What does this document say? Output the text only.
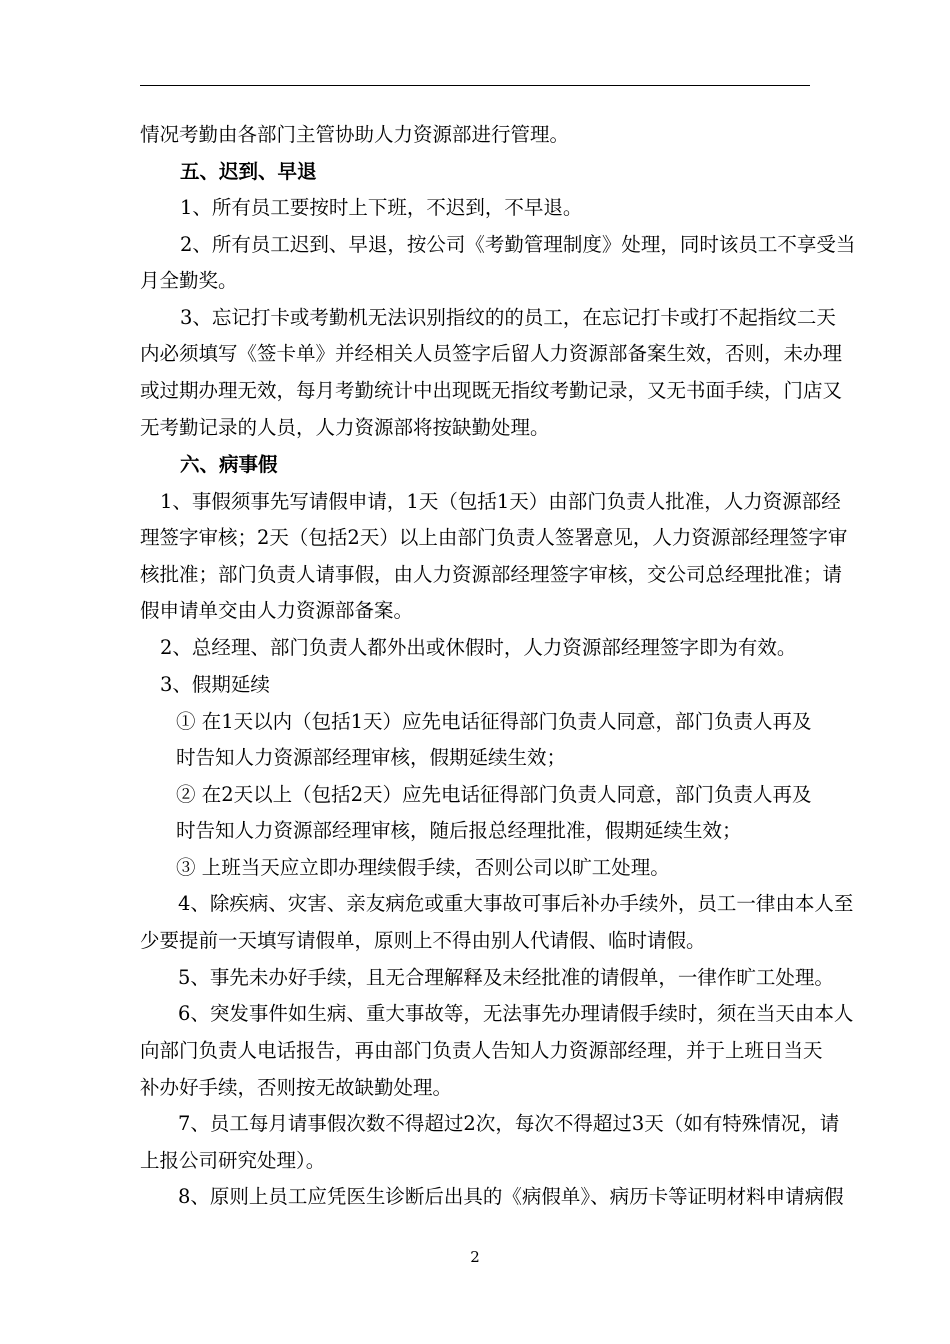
情况考勤由各部门主管协助人力资源部进行管理。
五、迟到、早退
1、所有员工要按时上下班，不迟到，不早退。
2、所有员工迟到、早退，按公司《考勤管理制度》处理，同时该员工不享受当
月全勤奖。
3、忘记打卡或考勤机无法识别指纹的的员工，在忘记打卡或打不起指纹二天
内必须填写《签卡单》并经相关人员签字后留人力资源部备案生效，否则，未办理
或过期办理无效，每月考勤统计中出现既无指纹考勤记录，又无书面手续，门店又
无考勤记录的人员，人力资源部将按缺勤处理。
六、病事假
1、事假须事先写请假申请，1天（包括1天）由部门负责人批准，人力资源部经
理签字审核；2天（包括2天）以上由部门负责人签署意见，人力资源部经理签字审
核批准；部门负责人请事假，由人力资源部经理签字审核，交公司总经理批准；请
假申请单交由人力资源部备案。
2、总经理、部门负责人都外出或休假时，人力资源部经理签字即为有效。
3、假期延续
① 在1天以内（包括1天）应先电话征得部门负责人同意，部门负责人再及
时告知人力资源部经理审核，假期延续生效；
② 在2天以上（包括2天）应先电话征得部门负责人同意，部门负责人再及
时告知人力资源部经理审核，随后报总经理批准，假期延续生效；
③ 上班当天应立即办理续假手续，否则公司以旷工处理。
4、除疾病、灾害、亲友病危或重大事故可事后补办手续外，员工一律由本人至
少要提前一天填写请假单，原则上不得由别人代请假、临时请假。
5、事先未办好手续，且无合理解释及未经批准的请假单，一律作旷工处理。
6、突发事件如生病、重大事故等，无法事先办理请假手续时，须在当天由本人
向部门负责人电话报告，再由部门负责人告知人力资源部经理，并于上班日当天
补办好手续，否则按无故缺勤处理。
7、员工每月请事假次数不得超过2次，每次不得超过3天（如有特殊情况，请
上报公司研究处理）。
8、原则上员工应凭医生诊断后出具的《病假单》、病历卡等证明材料申请病假
2
